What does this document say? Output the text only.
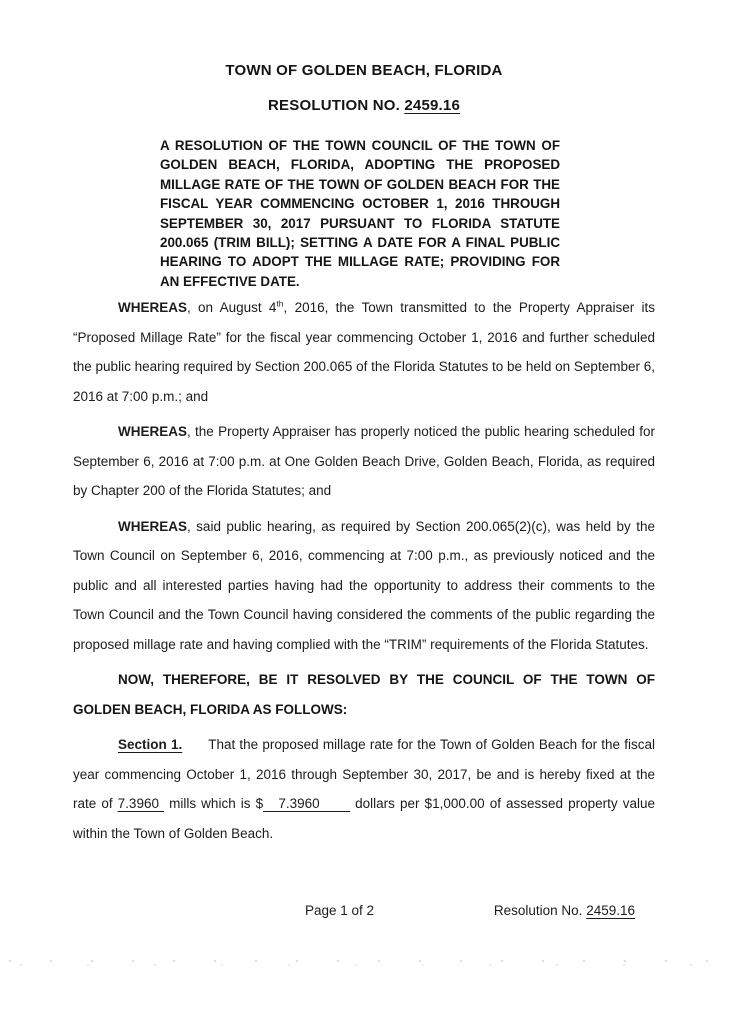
TOWN OF GOLDEN BEACH, FLORIDA
RESOLUTION NO. 2459.16
A RESOLUTION OF THE TOWN COUNCIL OF THE TOWN OF GOLDEN BEACH, FLORIDA, ADOPTING THE PROPOSED MILLAGE RATE OF THE TOWN OF GOLDEN BEACH FOR THE FISCAL YEAR COMMENCING OCTOBER 1, 2016 THROUGH SEPTEMBER 30, 2017 PURSUANT TO FLORIDA STATUTE 200.065 (TRIM BILL); SETTING A DATE FOR A FINAL PUBLIC HEARING TO ADOPT THE MILLAGE RATE; PROVIDING FOR AN EFFECTIVE DATE.

WHEREAS, on August 4th, 2016, the Town transmitted to the Property Appraiser its “Proposed Millage Rate” for the fiscal year commencing October 1, 2016 and further scheduled the public hearing required by Section 200.065 of the Florida Statutes to be held on September 6, 2016 at 7:00 p.m.; and

WHEREAS, the Property Appraiser has properly noticed the public hearing scheduled for September 6, 2016 at 7:00 p.m. at One Golden Beach Drive, Golden Beach, Florida, as required by Chapter 200 of the Florida Statutes; and

WHEREAS, said public hearing, as required by Section 200.065(2)(c), was held by the Town Council on September 6, 2016, commencing at 7:00 p.m., as previously noticed and the public and all interested parties having had the opportunity to address their comments to the Town Council and the Town Council having considered the comments of the public regarding the proposed millage rate and having complied with the “TRIM” requirements of the Florida Statutes.

NOW, THEREFORE, BE IT RESOLVED BY THE COUNCIL OF THE TOWN OF GOLDEN BEACH, FLORIDA AS FOLLOWS:

Section 1. That the proposed millage rate for the Town of Golden Beach for the fiscal year commencing October 1, 2016 through September 30, 2017, be and is hereby fixed at the rate of 7.3960  mills which is $   7.3960       dollars per $1,000.00 of assessed property value within the Town of Golden Beach.

Page 1 of 2	Resolution No. 2459.16
